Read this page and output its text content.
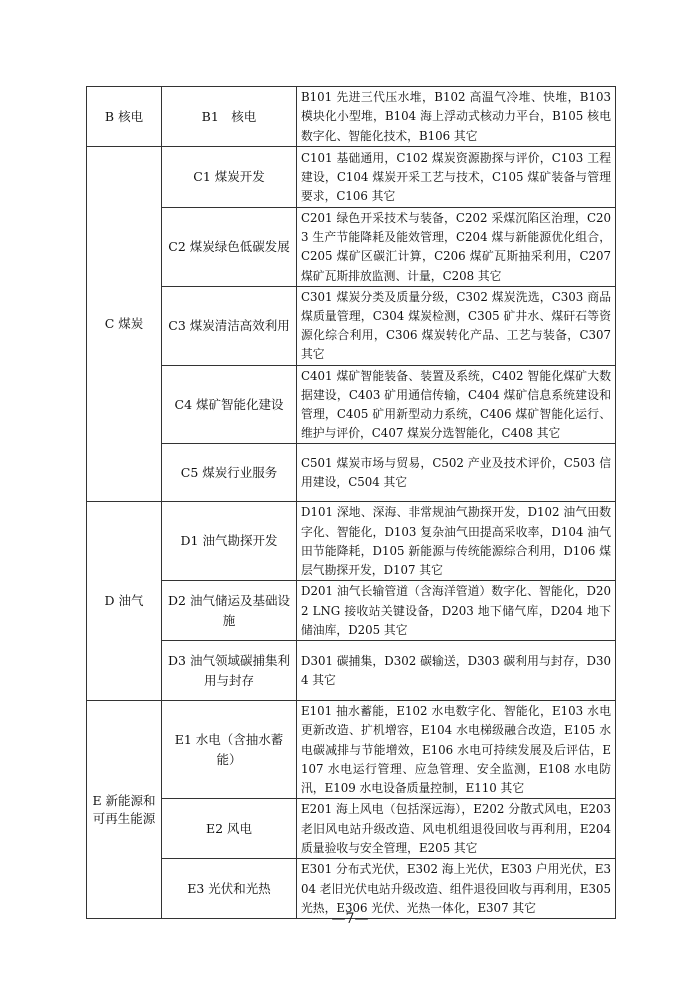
B 核电	B1　核电	B101 先进三代压水堆，B102 高温气冷堆、快堆，B103 模块化小型堆，B104 海上浮动式核动力平台，B105 核电数字化、智能化技术，B106 其它
C 煤炭	C1 煤炭开发	C101 基础通用，C102 煤炭资源勘探与评价，C103 工程建设，C104 煤炭开采工艺与技术，C105 煤矿装备与管理要求，C106 其它
	C2 煤炭绿色低碳发展	C201 绿色开采技术与装备，C202 采煤沉陷区治理，C203 生产节能降耗及能效管理，C204 煤与新能源优化组合，C205 煤矿区碳汇计算，C206 煤矿瓦斯抽采利用，C207 煤矿瓦斯排放监测、计量，C208 其它
	C3 煤炭清洁高效利用	C301 煤炭分类及质量分级，C302 煤炭洗选，C303 商品煤质量管理，C304 煤炭检测，C305 矿井水、煤矸石等资源化综合利用，C306 煤炭转化产品、工艺与装备，C307 其它
	C4 煤矿智能化建设	C401 煤矿智能装备、装置及系统，C402 智能化煤矿大数据建设，C403 矿用通信传输，C404 煤矿信息系统建设和管理，C405 矿用新型动力系统，C406 煤矿智能化运行、维护与评价，C407 煤炭分选智能化，C408 其它
	C5 煤炭行业服务	C501 煤炭市场与贸易，C502 产业及技术评价，C503 信用建设，C504 其它
D 油气	D1 油气勘探开发	D101 深地、深海、非常规油气勘探开发，D102 油气田数字化、智能化，D103 复杂油气田提高采收率，D104 油气田节能降耗，D105 新能源与传统能源综合利用，D106 煤层气勘探开发，D107 其它
	D2 油气储运及基础设施	D201 油气长输管道（含海洋管道）数字化、智能化，D202 LNG 接收站关键设备，D203 地下储气库，D204 地下储油库，D205 其它
	D3 油气领域碳捕集利用与封存	D301 碳捕集，D302 碳输送，D303 碳利用与封存，D304 其它
E 新能源和可再生能源	E1 水电（含抽水蓄能）	E101 抽水蓄能，E102 水电数字化、智能化，E103 水电更新改造、扩机增容，E104 水电梯级融合改造，E105 水电碳减排与节能增效，E106 水电可持续发展及后评估，E107 水电运行管理、应急管理、安全监测，E108 水电防汛，E109 水电设备质量控制，E110 其它
	E2 风电	E201 海上风电（包括深远海），E202 分散式风电，E203 老旧风电站升级改造、风电机组退役回收与再利用，E204 质量验收与安全管理，E205 其它
	E3 光伏和光热	E301 分布式光伏，E302 海上光伏，E303 户用光伏，E304 老旧光伏电站升级改造、组件退役回收与再利用，E305 光热，E306 光伏、光热一体化，E307 其它
—7—
